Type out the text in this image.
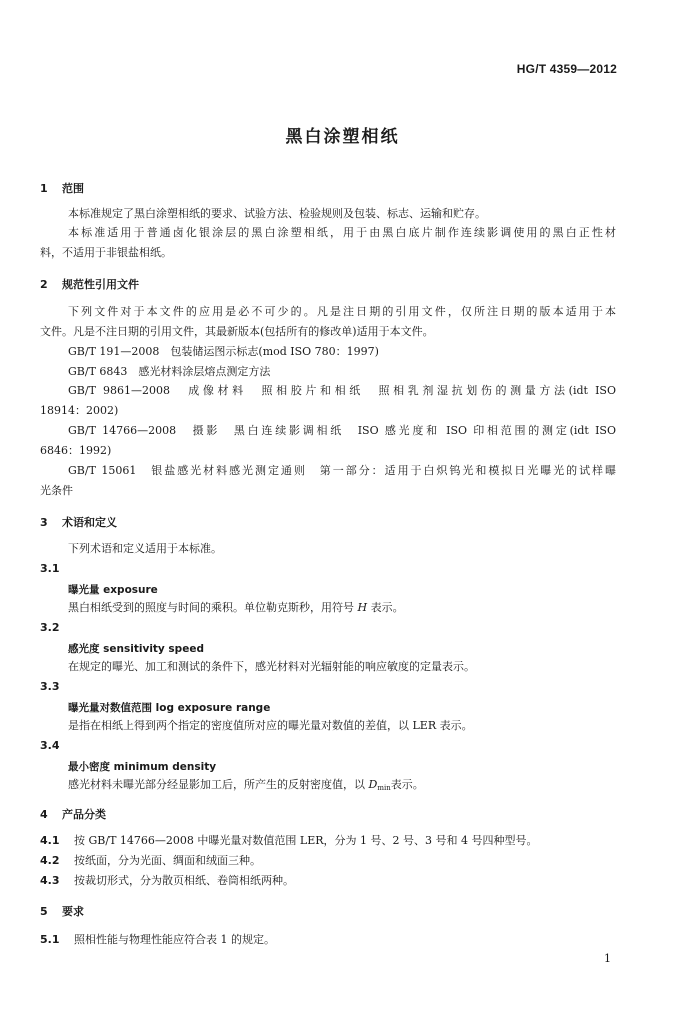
HG/T 4359—2012
黑白涂塑相纸
1 范围
本标准规定了黑白涂塑相纸的要求、试验方法、检验规则及包装、标志、运输和贮存。
本标准适用于普通卤化银涂层的黑白涂塑相纸，用于由黑白底片制作连续影调使用的黑白正性材
料，不适用于非银盐相纸。
2 规范性引用文件
下列文件对于本文件的应用是必不可少的。凡是注日期的引用文件，仅所注日期的版本适用于本
文件。凡是不注日期的引用文件，其最新版本(包括所有的修改单)适用于本文件。
GB/T 191—2008　包装储运图示标志(mod ISO 780：1997)
GB/T 6843　感光材料涂层熔点测定方法
GB/T 9861—2008　成像材料　照相胶片和相纸　照相乳剂湿抗划伤的测量方法(idt ISO
18914：2002)
GB/T 14766—2008　摄影　黑白连续影调相纸　ISO 感光度和 ISO 印相范围的测定(idt ISO
6846：1992)
GB/T 15061　银盐感光材料感光测定通则　第一部分：适用于白炽钨光和模拟日光曝光的试样曝
光条件
3 术语和定义
下列术语和定义适用于本标准。
3.1
曝光量 exposure
黑白相纸受到的照度与时间的乘积。单位勒克斯秒，用符号 H 表示。
3.2
感光度 sensitivity speed
在规定的曝光、加工和测试的条件下，感光材料对光辐射能的响应敏度的定量表示。
3.3
曝光量对数值范围 log exposure range
是指在相纸上得到两个指定的密度值所对应的曝光量对数值的差值，以 LER 表示。
3.4
最小密度 minimum density
感光材料未曝光部分经显影加工后，所产生的反射密度值，以 $D_{min}$表示。
4 产品分类
4.1 按 GB/T 14766—2008 中曝光量对数值范围 LER，分为 1 号、2 号、3 号和 4 号四种型号。
4.2 按纸面，分为光面、绸面和绒面三种。
4.3 按裁切形式，分为散页相纸、卷筒相纸两种。
5 要求
5.1 照相性能与物理性能应符合表 1 的规定。
1
